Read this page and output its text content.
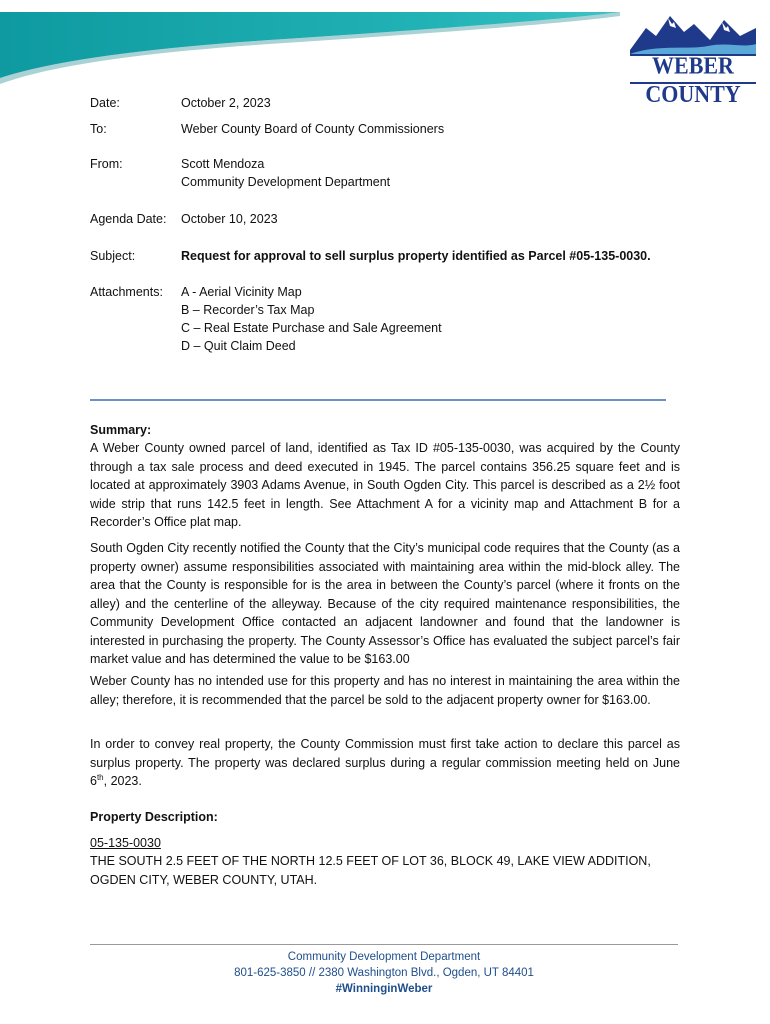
WEBER COUNTY
Date:	October 2, 2023
To:	Weber County Board of County Commissioners
From:	Scott Mendoza
Community Development Department
Agenda Date: October 10, 2023
Subject:	Request for approval to sell surplus property identified as Parcel #05-135-0030.
Attachments: A - Aerial Vicinity Map
B – Recorder’s Tax Map
C – Real Estate Purchase and Sale Agreement
D – Quit Claim Deed
Summary:

A Weber County owned parcel of land, identified as Tax ID #05-135-0030, was acquired by the County through a tax sale process and deed executed in 1945. The parcel contains 356.25 square feet and is located at approximately 3903 Adams Avenue, in South Ogden City. This parcel is described as a 2½ foot wide strip that runs 142.5 feet in length. See Attachment A for a vicinity map and Attachment B for a Recorder’s Office plat map.

South Ogden City recently notified the County that the City’s municipal code requires that the County (as a property owner) assume responsibilities associated with maintaining area within the mid-block alley. The area that the County is responsible for is the area in between the County’s parcel (where it fronts on the alley) and the centerline of the alleyway. Because of the city required maintenance responsibilities, the Community Development Office contacted an adjacent landowner and found that the landowner is interested in purchasing the property. The County Assessor’s Office has evaluated the subject parcel’s fair market value and has determined the value to be $163.00

Weber County has no intended use for this property and has no interest in maintaining the area within the alley; therefore, it is recommended that the parcel be sold to the adjacent property owner for $163.00.

In order to convey real property, the County Commission must first take action to declare this parcel as surplus property. The property was declared surplus during a regular commission meeting held on June 6th, 2023.

Property Description:
05-135-0030
THE SOUTH 2.5 FEET OF THE NORTH 12.5 FEET OF LOT 36, BLOCK 49, LAKE VIEW ADDITION, OGDEN CITY, WEBER COUNTY, UTAH.
Community Development Department
801-625-3850 // 2380 Washington Blvd., Ogden, UT 84401
#WinninginWeber
